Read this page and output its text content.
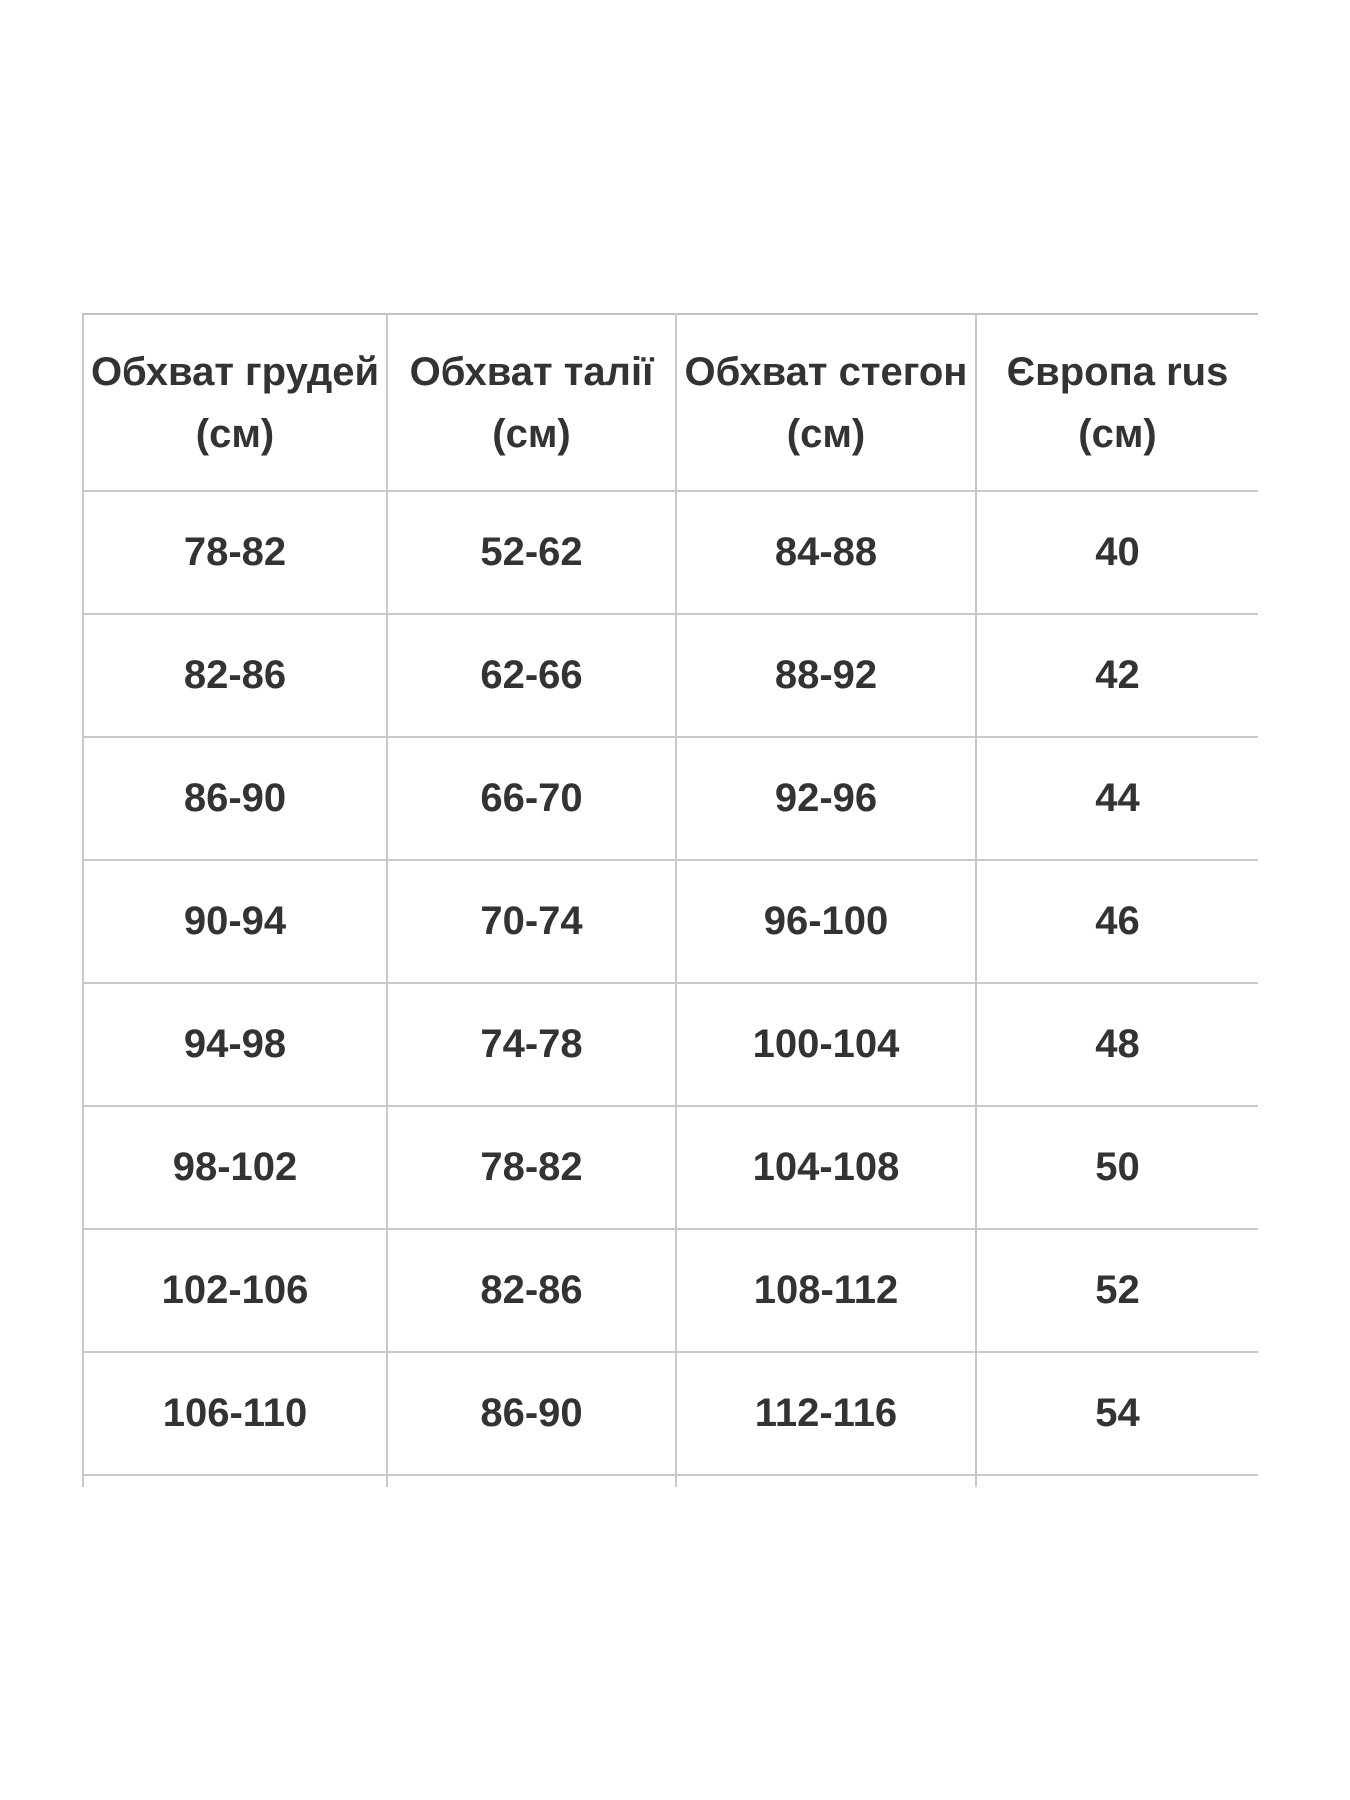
Обхват грудей (см)	Обхват талії (см)	Обхват стегон (см)	Європа rus (см)
78-82	52-62	84-88	40
82-86	62-66	88-92	42
86-90	66-70	92-96	44
90-94	70-74	96-100	46
94-98	74-78	100-104	48
98-102	78-82	104-108	50
102-106	82-86	108-112	52
106-110	86-90	112-116	54
